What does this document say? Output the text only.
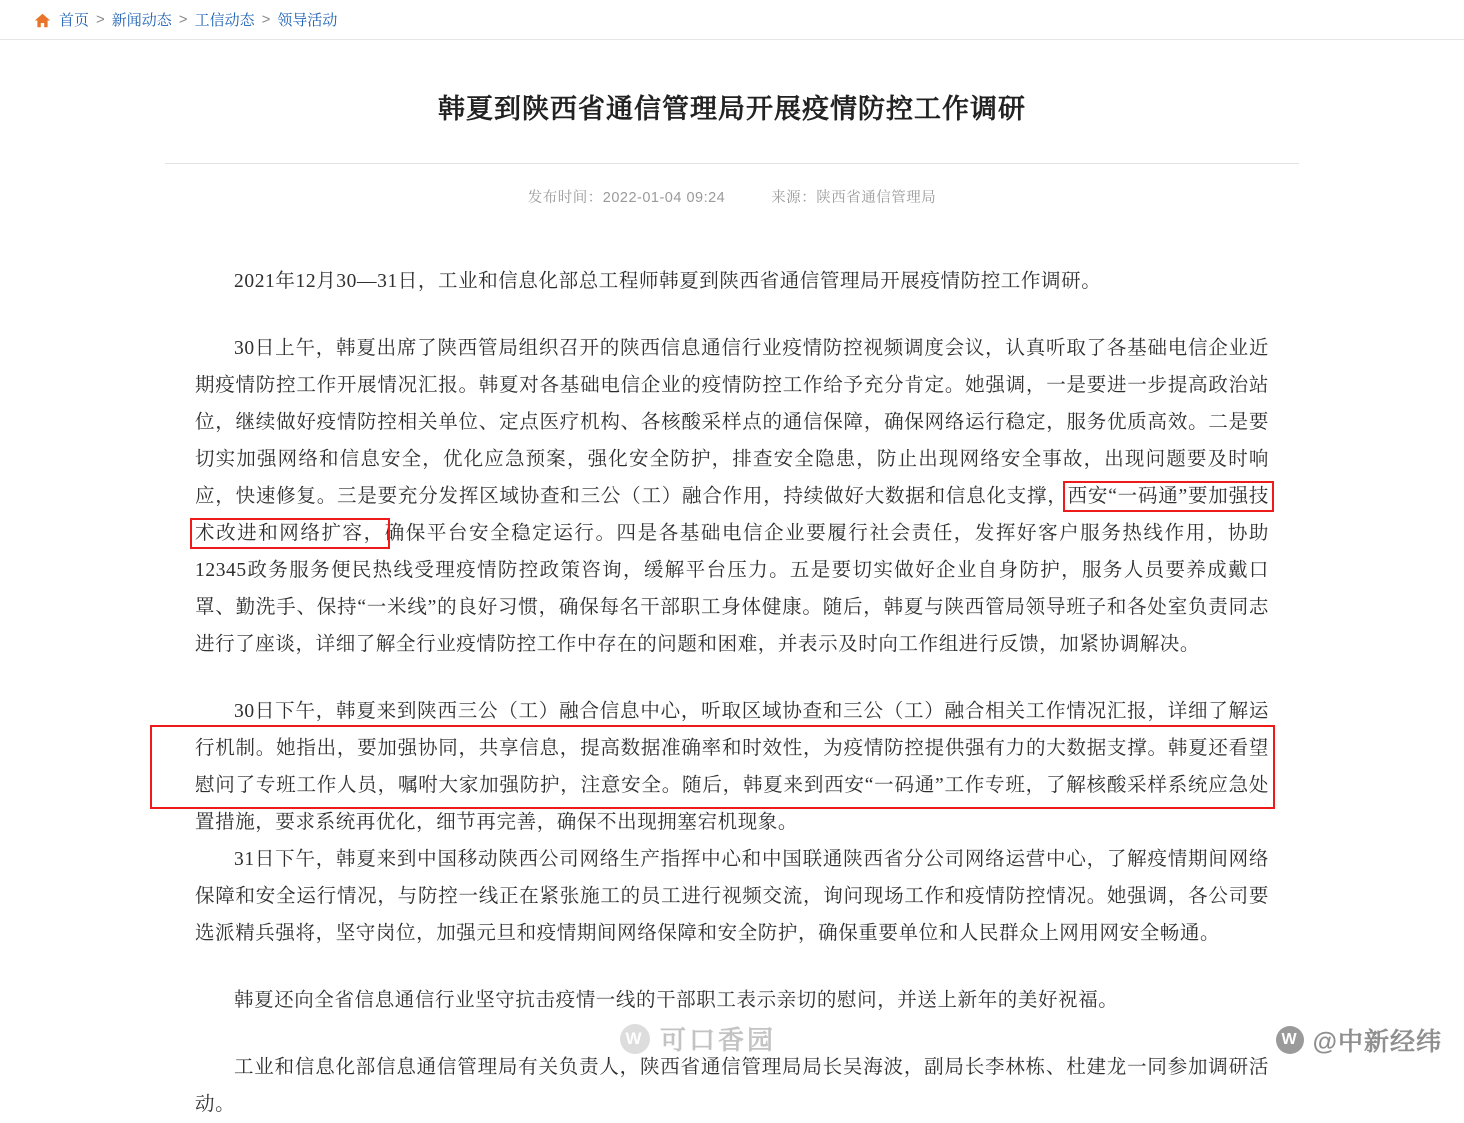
首页 > 新闻动态 > 工信动态 > 领导活动
韩夏到陕西省通信管理局开展疫情防控工作调研
发布时间：2022-01-04 09:24	来源：陕西省通信管理局

2021年12月30—31日，工业和信息化部总工程师韩夏到陕西省通信管理局开展疫情防控工作调研。

30日上午，韩夏出席了陕西管局组织召开的陕西信息通信行业疫情防控视频调度会议，认真听取了各基础电信企业近期疫情防控工作开展情况汇报。韩夏对各基础电信企业的疫情防控工作给予充分肯定。她强调，一是要进一步提高政治站位，继续做好疫情防控相关单位、定点医疗机构、各核酸采样点的通信保障，确保网络运行稳定，服务优质高效。二是要切实加强网络和信息安全，优化应急预案，强化安全防护，排查安全隐患，防止出现网络安全事故，出现问题要及时响应，快速修复。三是要充分发挥区域协查和三公（工）融合作用，持续做好大数据和信息化支撑，西安“一码通”要加强技术改进和网络扩容，确保平台安全稳定运行。四是各基础电信企业要履行社会责任，发挥好客户服务热线作用，协助12345政务服务便民热线受理疫情防控政策咨询，缓解平台压力。五是要切实做好企业自身防护，服务人员要养成戴口罩、勤洗手、保持“一米线”的良好习惯，确保每名干部职工身体健康。随后，韩夏与陕西管局领导班子和各处室负责同志进行了座谈，详细了解全行业疫情防控工作中存在的问题和困难，并表示及时向工作组进行反馈，加紧协调解决。

30日下午，韩夏来到陕西三公（工）融合信息中心，听取区域协查和三公（工）融合相关工作情况汇报，详细了解运行机制。她指出，要加强协同，共享信息，提高数据准确率和时效性，为疫情防控提供强有力的大数据支撑。韩夏还看望慰问了专班工作人员，嘱咐大家加强防护，注意安全。随后，韩夏来到西安“一码通”工作专班，了解核酸采样系统应急处置措施，要求系统再优化，细节再完善，确保不出现拥塞宕机现象。

31日下午，韩夏来到中国移动陕西公司网络生产指挥中心和中国联通陕西省分公司网络运营中心，了解疫情期间网络保障和安全运行情况，与防控一线正在紧张施工的员工进行视频交流，询问现场工作和疫情防控情况。她强调，各公司要选派精兵强将，坚守岗位，加强元旦和疫情期间网络保障和安全防护，确保重要单位和人民群众上网用网安全畅通。

韩夏还向全省信息通信行业坚守抗击疫情一线的干部职工表示亲切的慰问，并送上新年的美好祝福。

工业和信息化部信息通信管理局有关负责人，陕西省通信管理局局长吴海波，副局长李林栋、杜建龙一同参加调研活动。

W
可口香园 W	@中新经纬
